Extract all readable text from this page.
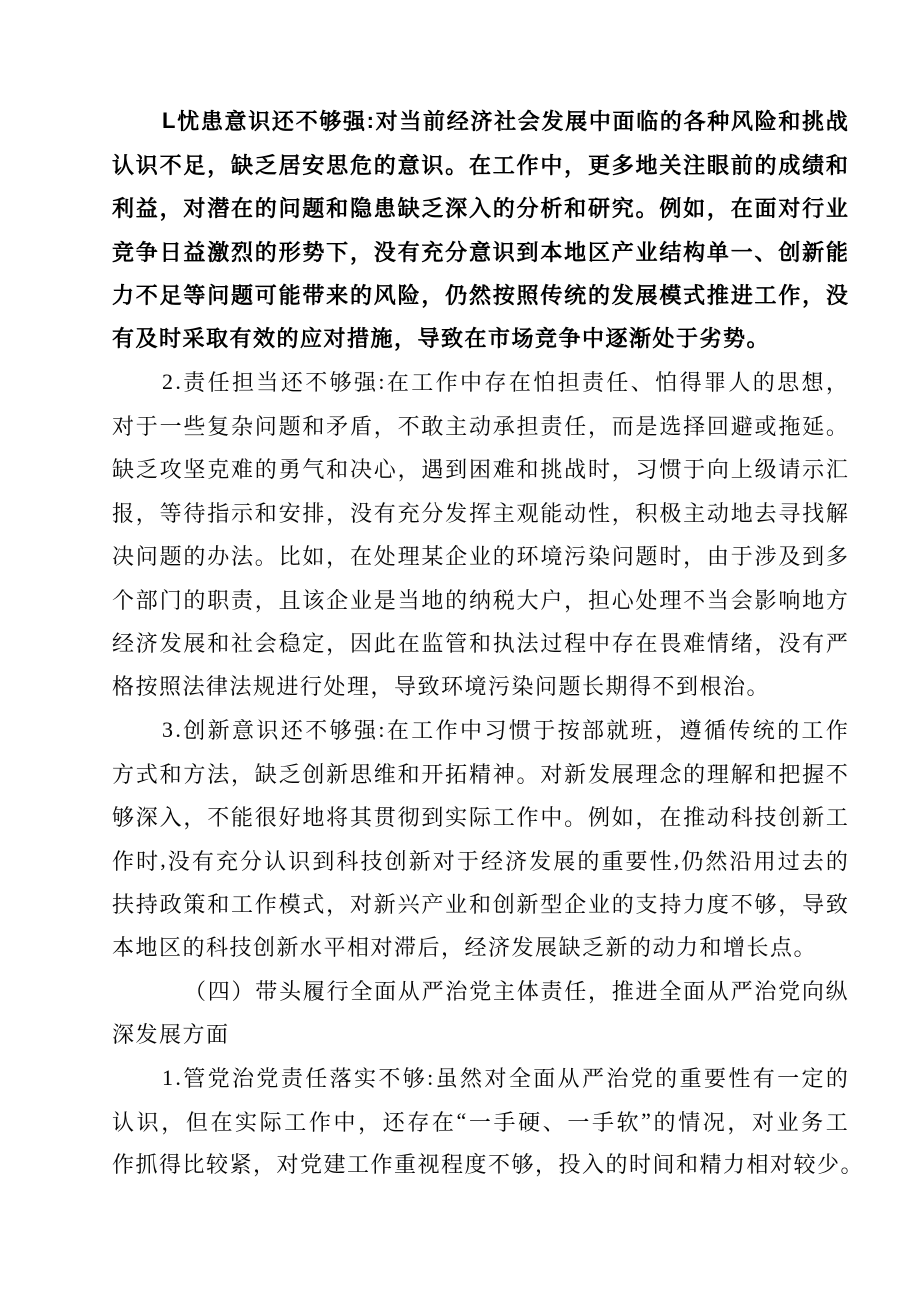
L 忧 患 意 识 还 不 够 强 : 对 当 前 经 济 社 会 发 展 中 面 临 的 各 种 风 险 和 挑 战
认 识 不 足 ， 缺 乏 居 安 思 危 的 意 识 。 在 工 作 中 ， 更 多 地 关 注 眼 前 的 成 绩 和
利 益 ， 对 潜 在 的 问 题 和 隐 患 缺 乏 深 入 的 分 析 和 研 究 。 例 如 ， 在 面 对 行 业
竞 争 日 益 激 烈 的 形 势 下 ， 没 有 充 分 意 识 到 本 地 区 产 业 结 构 单 一 、 创 新 能
力 不 足 等 问 题 可 能 带 来 的 风 险 ， 仍 然 按 照 传 统 的 发 展 模 式 推 进 工 作 ， 没
有及时采取有效的应对措施，导致在市场竞争中逐渐处于劣势。
2 . 责 任 担 当 还 不 够 强 : 在 工 作 中 存 在 怕 担 责 任 、 怕 得 罪 人 的 思 想 ，
对 于 一 些 复 杂 问 题 和 矛 盾 ， 不 敢 主 动 承 担 责 任 ， 而 是 选 择 回 避 或 拖 延 。
缺 乏 攻 坚 克 难 的 勇 气 和 决 心 ， 遇 到 困 难 和 挑 战 时 ， 习 惯 于 向 上 级 请 示 汇
报 ， 等 待 指 示 和 安 排 ， 没 有 充 分 发 挥 主 观 能 动 性 ， 积 极 主 动 地 去 寻 找 解
决 问 题 的 办 法 。 比 如 ， 在 处 理 某 企 业 的 环 境 污 染 问 题 时 ， 由 于 涉 及 到 多
个 部 门 的 职 责 ， 且 该 企 业 是 当 地 的 纳 税 大 户 ， 担 心 处 理 不 当 会 影 响 地 方
经 济 发 展 和 社 会 稳 定 ， 因 此 在 监 管 和 执 法 过 程 中 存 在 畏 难 情 绪 ， 没 有 严
格按照法律法规进行处理，导致环境污染问题长期得不到根治。
3 . 创 新 意 识 还 不 够 强 : 在 工 作 中 习 惯 于 按 部 就 班 ， 遵 循 传 统 的 工 作
方 式 和 方 法 ， 缺 乏 创 新 思 维 和 开 拓 精 神 。 对 新 发 展 理 念 的 理 解 和 把 握 不
够 深 入 ， 不 能 很 好 地 将 其 贯 彻 到 实 际 工 作 中 。 例 如 ， 在 推 动 科 技 创 新 工
作 时 , 没 有 充 分 认 识 到 科 技 创 新 对 于 经 济 发 展 的 重 要 性 , 仍 然 沿 用 过 去 的
扶 持 政 策 和 工 作 模 式 ， 对 新 兴 产 业 和 创 新 型 企 业 的 支 持 力 度 不 够 ， 导 致
本地区的科技创新水平相对滞后，经济发展缺乏新的动力和增长点。
（ 四 ） 带 头 履 行 全 面 从 严 治 党 主 体 责 任 ， 推 进 全 面 从 严 治 党 向 纵
深发展方面
1 . 管 党 治 党 责 任 落 实 不 够 : 虽 然 对 全 面 从 严 治 党 的 重 要 性 有 一 定 的
认 识 ， 但 在 实 际 工 作 中 ， 还 存 在 “ 一 手 硬 、 一 手 软 ” 的 情 况 ， 对 业 务 工
作抓得比较紧，对党建工作重视程度不够，投入的时间和精力相对较少。
